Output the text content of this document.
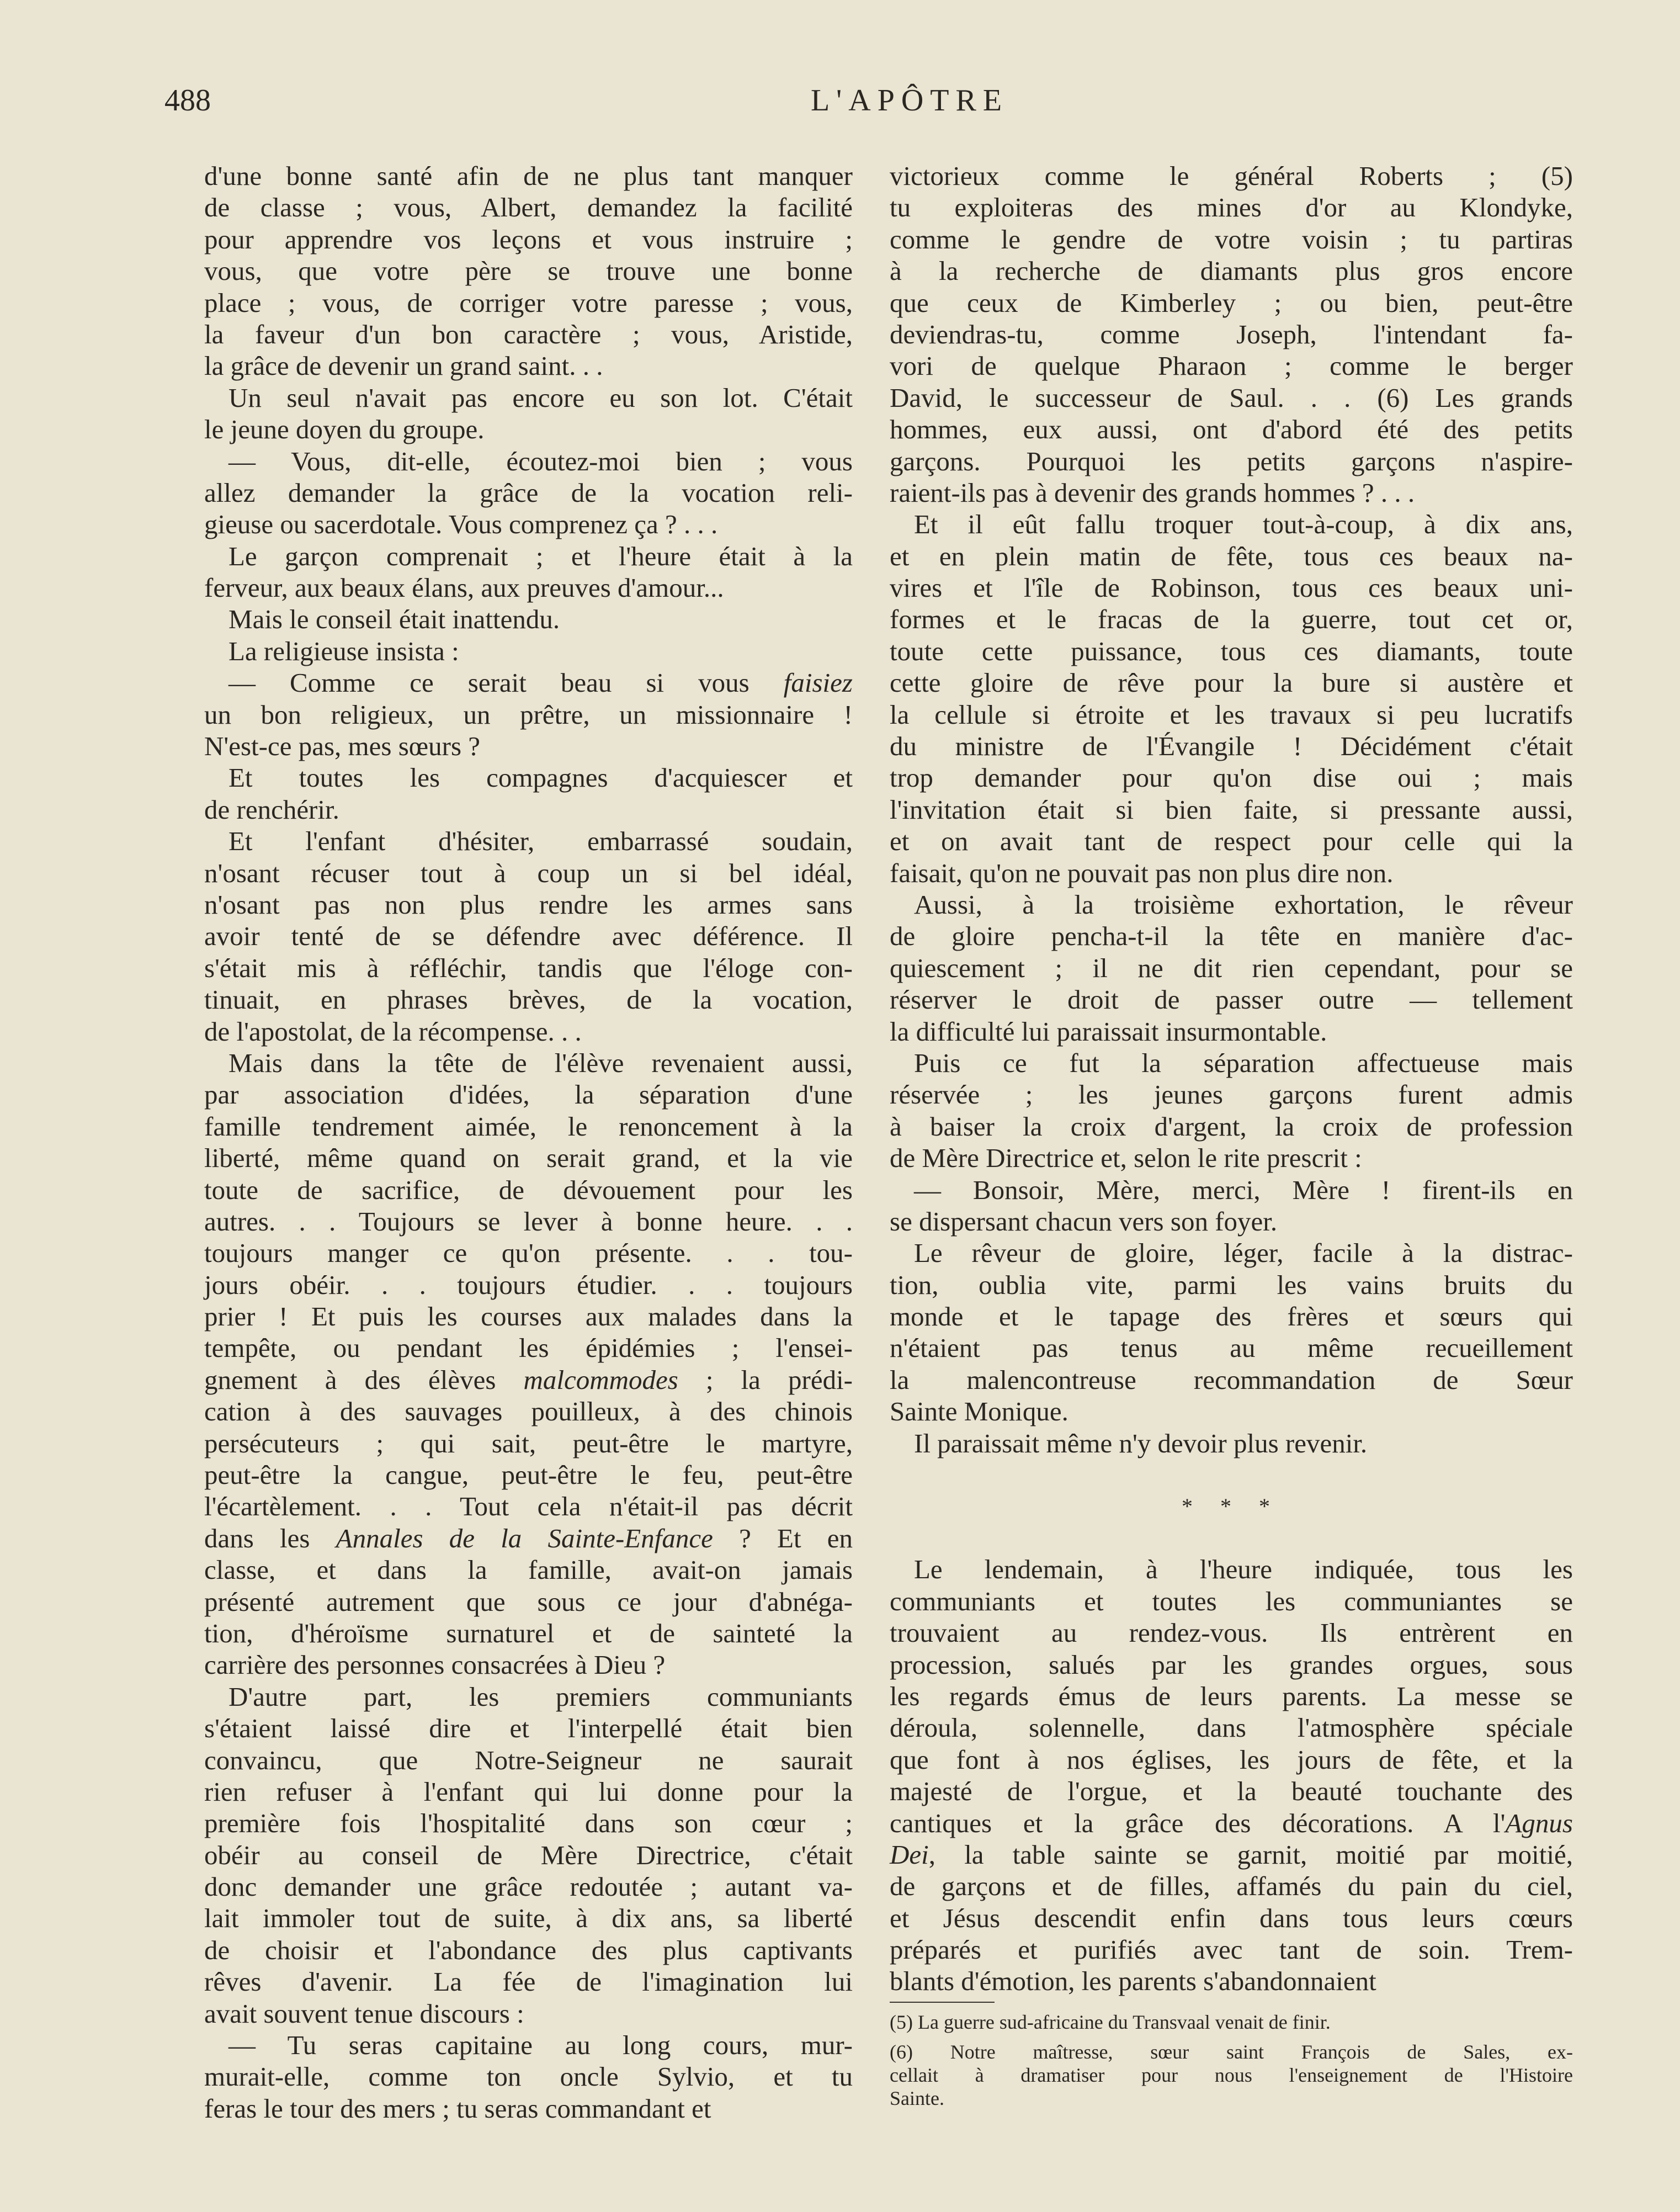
488	L'APÔTRE
d'une bonne santé afin de ne plus tant manquer
de classe ; vous, Albert, demandez la facilité
pour apprendre vos leçons et vous instruire ;
vous, que votre père se trouve une bonne
place ; vous, de corriger votre paresse ; vous,
la faveur d'un bon caractère ; vous, Aristide,
la grâce de devenir un grand saint. . .
Un seul n'avait pas encore eu son lot. C'était
le jeune doyen du groupe.
— Vous, dit-elle, écoutez-moi bien ; vous
allez demander la grâce de la vocation reli-
gieuse ou sacerdotale. Vous comprenez ça ? . . .
Le garçon comprenait ; et l'heure était à la
ferveur, aux beaux élans, aux preuves d'amour...
Mais le conseil était inattendu.
La religieuse insista :
— Comme ce serait beau si vous faisiez
un bon religieux, un prêtre, un missionnaire !
N'est-ce pas, mes sœurs ?
Et toutes les compagnes d'acquiescer et
de renchérir.
Et l'enfant d'hésiter, embarrassé soudain,
n'osant récuser tout à coup un si bel idéal,
n'osant pas non plus rendre les armes sans
avoir tenté de se défendre avec déférence. Il
s'était mis à réfléchir, tandis que l'éloge con-
tinuait, en phrases brèves, de la vocation,
de l'apostolat, de la récompense. . .
Mais dans la tête de l'élève revenaient aussi,
par association d'idées, la séparation d'une
famille tendrement aimée, le renoncement à la
liberté, même quand on serait grand, et la vie
toute de sacrifice, de dévouement pour les
autres. . . Toujours se lever à bonne heure. . .
toujours manger ce qu'on présente. . . tou-
jours obéir. . . toujours étudier. . . toujours
prier ! Et puis les courses aux malades dans la
tempête, ou pendant les épidémies ; l'ensei-
gnement à des élèves malcommodes ; la prédi-
cation à des sauvages pouilleux, à des chinois
persécuteurs ; qui sait, peut-être le martyre,
peut-être la cangue, peut-être le feu, peut-être
l'écartèlement. . . Tout cela n'était-il pas décrit
dans les Annales de la Sainte-Enfance ? Et en
classe, et dans la famille, avait-on jamais
présenté autrement que sous ce jour d'abnéga-
tion, d'héroïsme surnaturel et de sainteté la
carrière des personnes consacrées à Dieu ?
D'autre part, les premiers communiants
s'étaient laissé dire et l'interpellé était bien
convaincu, que Notre-Seigneur ne saurait
rien refuser à l'enfant qui lui donne pour la
première fois l'hospitalité dans son cœur ;
obéir au conseil de Mère Directrice, c'était
donc demander une grâce redoutée ; autant va-
lait immoler tout de suite, à dix ans, sa liberté
de choisir et l'abondance des plus captivants
rêves d'avenir. La fée de l'imagination lui
avait souvent tenue discours :
— Tu seras capitaine au long cours, mur-
murait-elle, comme ton oncle Sylvio, et tu
feras le tour des mers ; tu seras commandant et
victorieux comme le général Roberts ; (5)
tu exploiteras des mines d'or au Klondyke,
comme le gendre de votre voisin ; tu partiras
à la recherche de diamants plus gros encore
que ceux de Kimberley ; ou bien, peut-être
deviendras-tu, comme Joseph, l'intendant fa-
vori de quelque Pharaon ; comme le berger
David, le successeur de Saul. . . (6) Les grands
hommes, eux aussi, ont d'abord été des petits
garçons. Pourquoi les petits garçons n'aspire-
raient-ils pas à devenir des grands hommes ? . . .
Et il eût fallu troquer tout-à-coup, à dix ans,
et en plein matin de fête, tous ces beaux na-
vires et l'île de Robinson, tous ces beaux uni-
formes et le fracas de la guerre, tout cet or,
toute cette puissance, tous ces diamants, toute
cette gloire de rêve pour la bure si austère et
la cellule si étroite et les travaux si peu lucratifs
du ministre de l'Évangile ! Décidément c'était
trop demander pour qu'on dise oui ; mais
l'invitation était si bien faite, si pressante aussi,
et on avait tant de respect pour celle qui la
faisait, qu'on ne pouvait pas non plus dire non.
Aussi, à la troisième exhortation, le rêveur
de gloire pencha-t-il la tête en manière d'ac-
quiescement ; il ne dit rien cependant, pour se
réserver le droit de passer outre — tellement
la difficulté lui paraissait insurmontable.
Puis ce fut la séparation affectueuse mais
réservée ; les jeunes garçons furent admis
à baiser la croix d'argent, la croix de profession
de Mère Directrice et, selon le rite prescrit :
— Bonsoir, Mère, merci, Mère ! firent-ils en
se dispersant chacun vers son foyer.
Le rêveur de gloire, léger, facile à la distrac-
tion, oublia vite, parmi les vains bruits du
monde et le tapage des frères et sœurs qui
n'étaient pas tenus au même recueillement
la malencontreuse recommandation de Sœur
Sainte Monique.
Il paraissait même n'y devoir plus revenir.
* * *
Le lendemain, à l'heure indiquée, tous les
communiants et toutes les communiantes se
trouvaient au rendez-vous. Ils entrèrent en
procession, salués par les grandes orgues, sous
les regards émus de leurs parents. La messe se
déroula, solennelle, dans l'atmosphère spéciale
que font à nos églises, les jours de fête, et la
majesté de l'orgue, et la beauté touchante des
cantiques et la grâce des décorations. A l'Agnus
Dei, la table sainte se garnit, moitié par moitié,
de garçons et de filles, affamés du pain du ciel,
et Jésus descendit enfin dans tous leurs cœurs
préparés et purifiés avec tant de soin. Trem-
blants d'émotion, les parents s'abandonnaient
(5) La guerre sud-africaine du Transvaal venait de finir.
(6) Notre maîtresse, sœur saint François de Sales, ex-
cellait à dramatiser pour nous l'enseignement de l'Histoire
Sainte.
